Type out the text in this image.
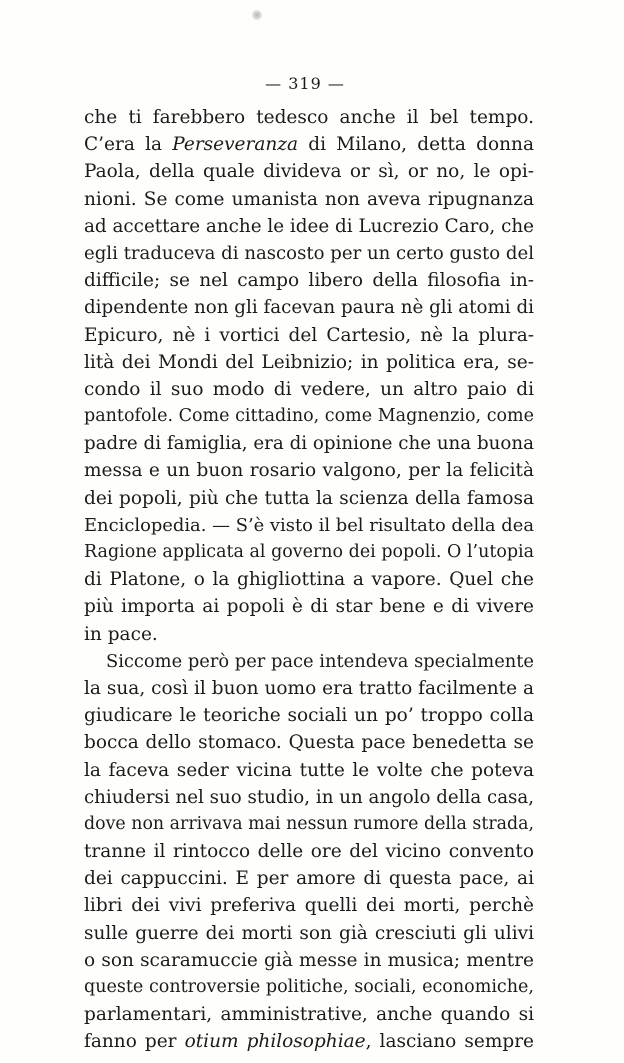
— 319 —
che ti farebbero tedesco anche il bel tempo.
C’era la Perseveranza di Milano, detta donna
Paola, della quale divideva or sì, or no, le opi-
nioni. Se come umanista non aveva ripugnanza
ad accettare anche le idee di Lucrezio Caro, che
egli traduceva di nascosto per un certo gusto del
difficile; se nel campo libero della filosofia in-
dipendente non gli facevan paura nè gli atomi di
Epicuro, nè i vortici del Cartesio, nè la plura-
lità dei Mondi del Leibnizio; in politica era, se-
condo il suo modo di vedere, un altro paio di
pantofole. Come cittadino, come Magnenzio, come
padre di famiglia, era di opinione che una buona
messa e un buon rosario valgono, per la felicità
dei popoli, più che tutta la scienza della famosa
Enciclopedia. — S’è visto il bel risultato della dea
Ragione applicata al governo dei popoli. O l’utopia
di Platone, o la ghigliottina a vapore. Quel che
più importa ai popoli è di star bene e di vivere
in pace.
Siccome però per pace intendeva specialmente
la sua, così il buon uomo era tratto facilmente a
giudicare le teoriche sociali un po’ troppo colla
bocca dello stomaco. Questa pace benedetta se
la faceva seder vicina tutte le volte che poteva
chiudersi nel suo studio, in un angolo della casa,
dove non arrivava mai nessun rumore della strada,
tranne il rintocco delle ore del vicino convento
dei cappuccini. E per amore di questa pace, ai
libri dei vivi preferiva quelli dei morti, perchè
sulle guerre dei morti son già cresciuti gli ulivi
o son scaramuccie già messe in musica; mentre
queste controversie politiche, sociali, economiche,
parlamentari, amministrative, anche quando si
fanno per otium philosophiae, lasciano sempre
